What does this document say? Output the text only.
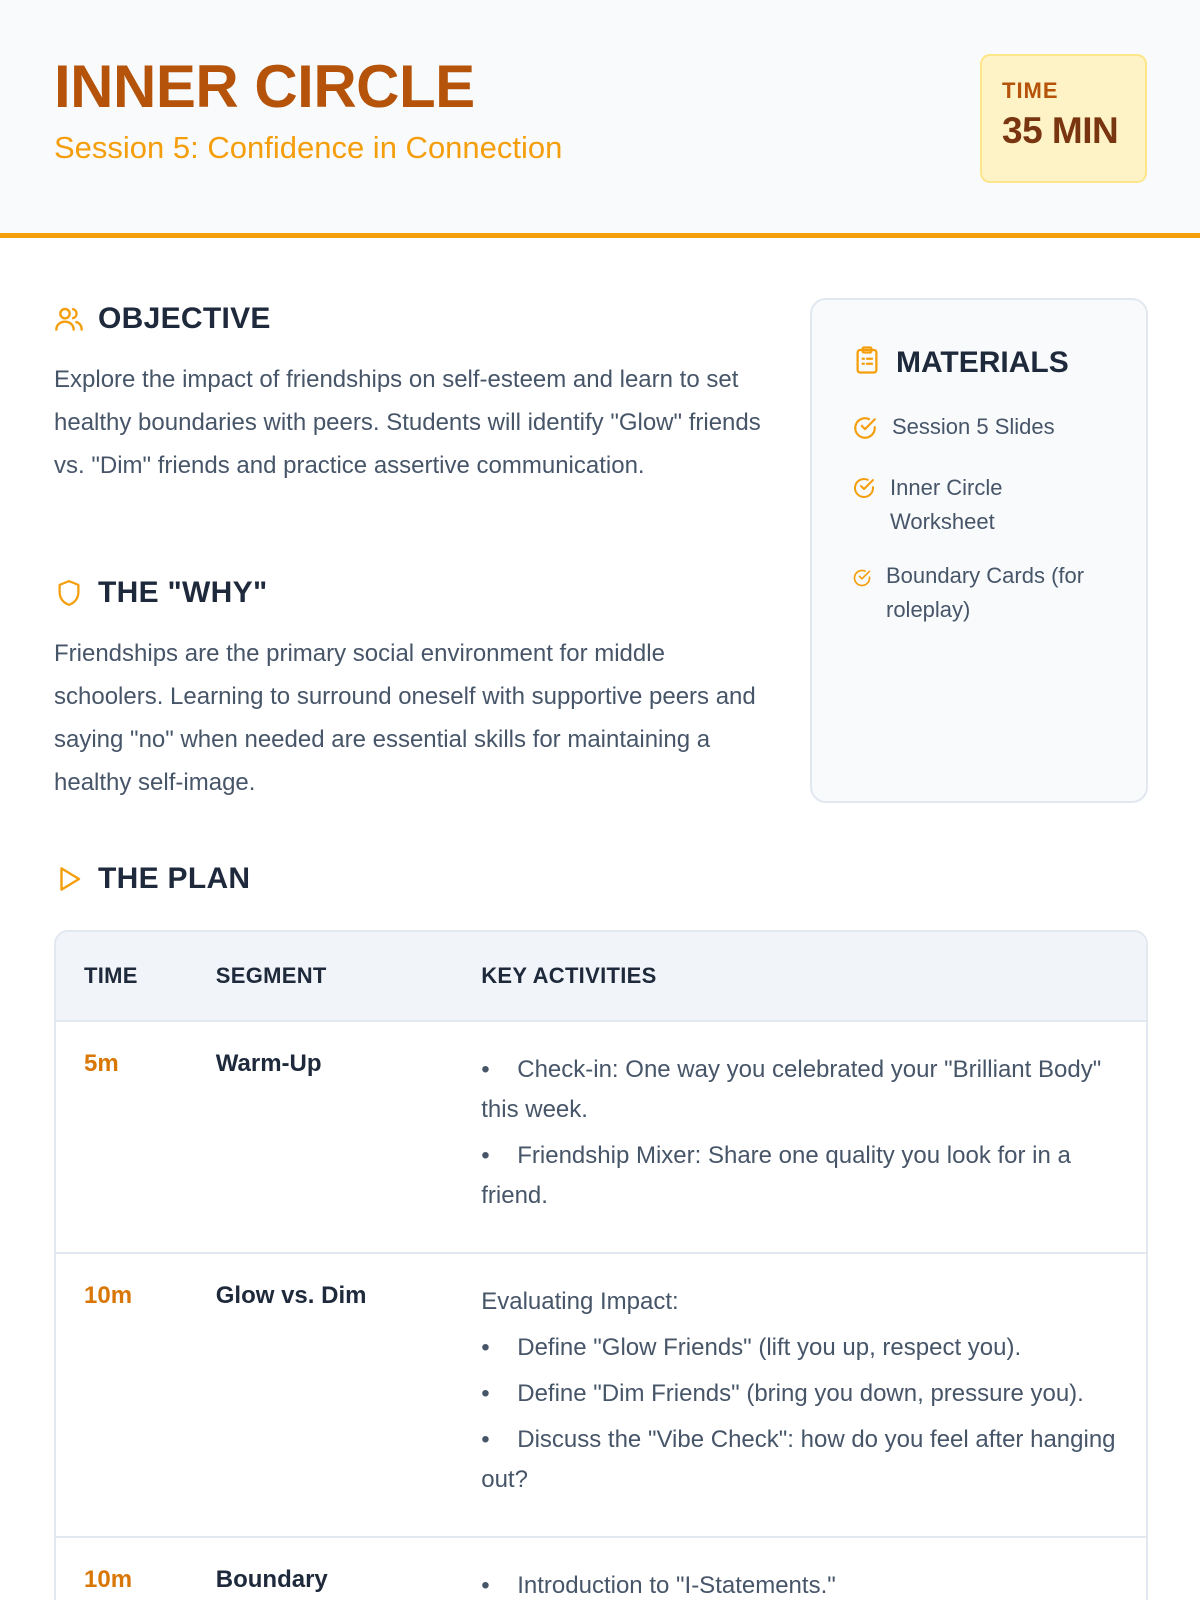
INNER CIRCLE
Session 5: Confidence in Connection
TIME
35 MIN
OBJECTIVE

Explore the impact of friendships on self-esteem and learn to set healthy boundaries with peers. Students will identify "Glow" friends vs. "Dim" friends and practice assertive communication.

THE "WHY"

Friendships are the primary social environment for middle schoolers. Learning to surround oneself with supportive peers and saying "no" when needed are essential skills for maintaining a healthy self-image.

MATERIALS
Session 5 Slides
Inner Circle Worksheet
Boundary Cards (for roleplay)
THE PLAN
TIME	SEGMENT	KEY ACTIVITIES
5m	Warm-Up	• Check-in: One way you celebrated your "Brilliant Body" this week.
• Friendship Mixer: Share one quality you look for in a friend.
10m	Glow vs. Dim	Evaluating Impact:
• Define "Glow Friends" (lift you up, respect you).
• Define "Dim Friends" (bring you down, pressure you).
• Discuss the "Vibe Check": how do you feel after hanging out?
10m	Boundary	• Introduction to "I-Statements."
